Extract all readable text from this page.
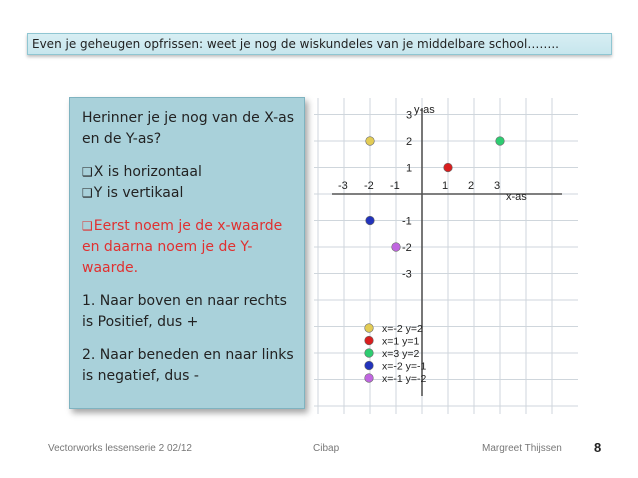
Even je geheugen opfrissen: weet je nog de wiskundeles van je middelbare school……..

Herinner je je nog van de X-as en de Y-as?

❑ X is horizontaal

❑ Y is vertikaal

❑ Eerst noem je de x-waarde en daarna noem je de Y-waarde.

1. Naar boven en naar rechts is Positief, dus +

2. Naar beneden en naar links is negatief, dus -

y-as
x-as
-3 -2 -1	1 2 3
3
2
1
-1
-2
-3
x=-2 y=2
x=1 y=1
x=3 y=2
x=-2 y=-1
x=-1 y=-2
Vectorworks lessenserie 2 02/12	Cibap	Margreet Thijssen 8
